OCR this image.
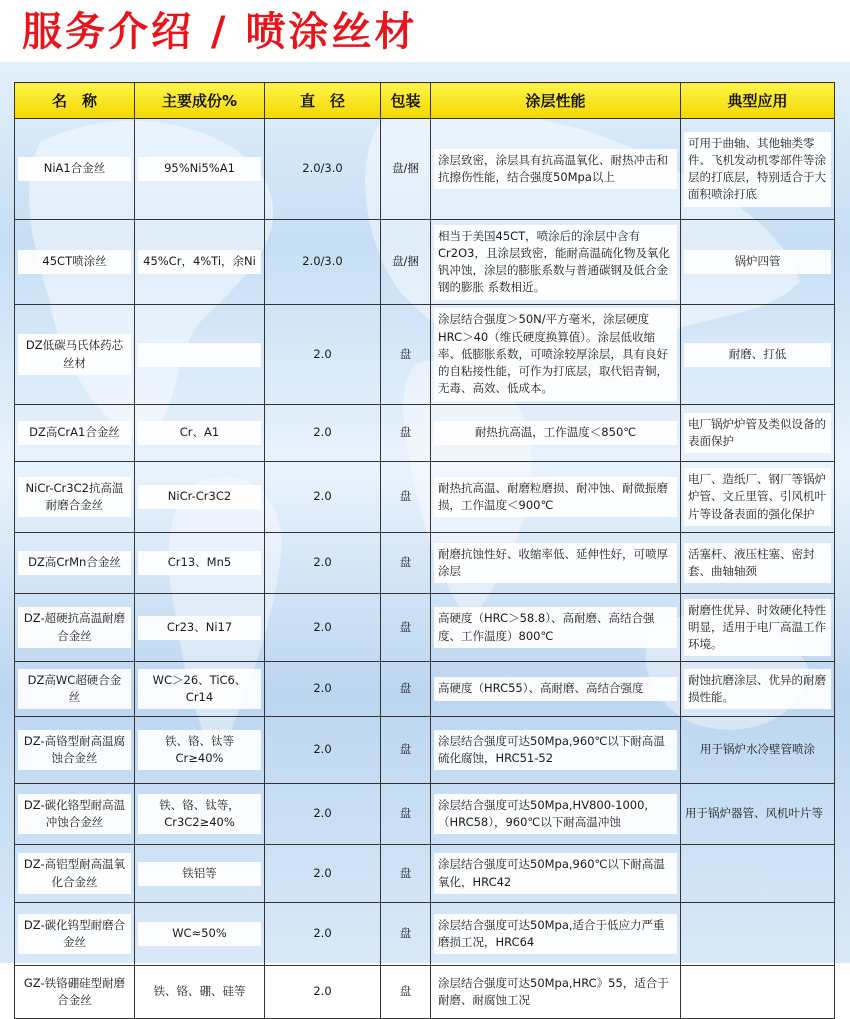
服务介绍 / 喷涂丝材
名　称	主要成份%	直　径	包装	涂层性能	典型应用

NiA1合金丝	95%Ni5%A1	2.0/3.0	盘/捆	涂层致密，涂层具有抗高温氧化、耐热冲击和抗擦伤性能，结合强度50Mpa以上	可用于曲轴、其他轴类零件、飞机发动机零部件等涂层的打底层，特别适合于大面积喷涂打底

45CT喷涂丝	45%Cr，4%Ti，余Ni	2.0/3.0	盘/捆	相当于美国45CT，喷涂后的涂层中含有Cr2O3，且涂层致密，能耐高温硫化物及氧化钒冲蚀，涂层的膨胀系数与普通碳钢及低合金钢的膨胀 系数相近。	锅炉四管

DZ低碳马氏体药芯丝材		2.0	盘	涂层结合强度＞50N/平方毫米，涂层硬度HRC＞40（维氏硬度换算值）。涂层低收缩率、低膨胀系数，可喷涂较厚涂层，具有良好的自粘接性能，可作为打底层，取代铝青铜，无毒、高效、低成本。	耐磨、打低

DZ高CrA1合金丝	Cr、A1	2.0	盘	耐热抗高温，工作温度＜850℃	电厂锅炉炉管及类似设备的表面保护

NiCr-Cr3C2抗高温耐磨合金丝	NiCr-Cr3C2	2.0	盘	耐热抗高温、耐磨粒磨损、耐冲蚀、耐微振磨损，工作温度＜900℃	电厂、造纸厂、钢厂等锅炉炉管、文丘里管、引风机叶片等设备表面的强化保护

DZ高CrMn合金丝	Cr13、Mn5	2.0	盘	耐磨抗蚀性好、收缩率低、延伸性好，可喷厚涂层	活塞杆、液压柱塞、密封套、曲轴轴颈

DZ-超硬抗高温耐磨合金丝	Cr23、Ni17	2.0	盘	高硬度（HRC＞58.8）、高耐磨、高结合强度、工作温度）800℃	耐磨性优异、时效硬化特性明显，适用于电厂高温工作环境。

DZ高WC超硬合金丝	WC＞26、TiC6、Cr14	2.0	盘	高硬度（HRC55）、高耐磨、高结合强度	耐蚀抗磨涂层、优异的耐磨损性能。

DZ-高铬型耐高温腐蚀合金丝	铁、铬、钛等Cr≥40%	2.0	盘	涂层结合强度可达50Mpa,960℃以下耐高温硫化腐蚀，HRC51-52	用于锅炉水冷壁管喷涂

DZ-碳化铬型耐高温冲蚀合金丝	铁、铬、钛等，Cr3C2≥40%	2.0	盘	涂层结合强度可达50Mpa,HV800-1000,（HRC58），960℃以下耐高温冲蚀	用于锅炉器管、风机叶片等

DZ-高铝型耐高温氧化合金丝	铁铝等	2.0	盘	涂层结合强度可达50Mpa,960℃以下耐高温氧化，HRC42	

DZ-碳化钨型耐磨合金丝	WC≈50%	2.0	盘	涂层结合强度可达50Mpa,适合于低应力严重磨损工况，HRC64	

GZ-铁铬硼硅型耐磨合金丝	铁、铬、硼、硅等	2.0	盘	涂层结合强度可达50Mpa,HRC》55，适合于耐磨、耐腐蚀工况	
